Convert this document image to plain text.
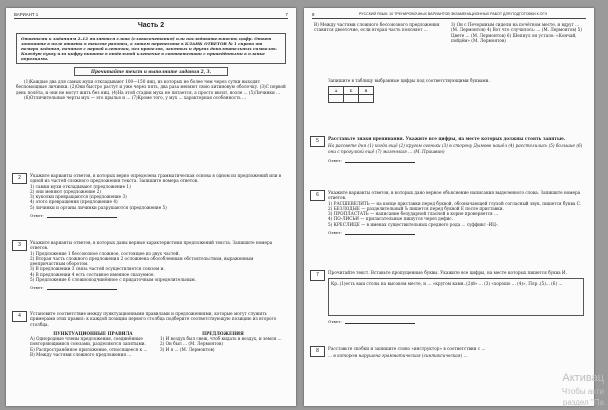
ВАРИАНТ 1	7
Часть 2
Ответами к заданиям 2–12 являются слова (словосочетания) или последовательность цифр. Ответ запишите в поле ответа в тексте работы, а затем перенесите в БЛАНК ОТВЕТОВ № 1 справа от номера задания, начиная с первой клеточки, без пробелов, запятых и других дополнительных символов. Каждую букву или цифру пишите в отдельной клеточке в соответствии с приведёнными в бланке образцами.
Прочитайте текст и выполните задания 2, 3.

(1)Каждые два для самых мухи откладывают 100—150 яиц, из которых не более чем через сутки выходят беспомощные личинки. (2)Они быстро растут и уже через пять, два раза меняют свою хитиновую оболочку. (3)С первой день полёта, и они не могут жить без яиц. (4)На этой стадии муха не питается, а просто висит, возле ... (5)Личинки ...

(6)Отличительные черты мух — это крылья и ... (7)Кроме того, у мух ... характерная особенность ...

2	Укажите варианты ответов, в которых верно определена грамматическая основа в одном из предложений или в одной из частей сложного предложения текста. Запишите номера ответов.

1) самки мухи откладывают (предложение 1)
2) они меняют (предложение 2)
3) куколки превращаются (предложение 3)
4) этого превращения (предложение 4)
5) личинки и органы личинки разрушаются (предложение 5)
Ответ:
3	Укажите варианты ответов, в которых даны верные характеристики предложений текста. Запишите номера ответов.

1) Предложение 1 бессоюзное сложное, состоящее из двух частей.
2) Вторая часть сложного предложения 2 осложнена обособленным обстоятельством, выраженным деепричастным оборотом.
3) В предложении 3 связь частей осуществляется союзом и.
4) В предложении 4 есть составное именное сказуемое.
5) Предложение 6 сложноподчинённое с придаточным определительным.
Ответ:
4	Установите соответствие между пунктуационными правилами и предложениями, которые могут служить примерами этих правил: к каждой позиции первого столбца подберите соответствующую позицию из второго столбца.

ПУНКТУАЦИОННЫЕ ПРАВИЛА
А) Однородные члены предложения, соединённые повторяющимися союзами, разделяются запятыми.
Б) Распространённое приложение, относящееся к ...
В) Между частями сложного предложения ...
ПРЕДЛОЖЕНИЯ
1) И воздух был свеж, чтоб кидать в воздух, и земля ...
2) Он был ... (М. Лермонтов)
3) И я ... (М. Лермонтов)
8	РУССКИЙ ЯЗЫК: 10 ТРЕНИРОВОЧНЫХ ВАРИАНТОВ ЭКЗАМЕНАЦИОННЫХ РАБОТ ДЛЯ ПОДГОТОВКИ К ОГЭ
В) Между частями сложного бессоюзного предложения ставится двоеточие, если вторая часть поясняет ...
3) Он с Печориным сидели на почётном месте, и вдруг ... (М. Лермонтов) 4) Вот что случилось: ... (М. Лермонтов) 5) Цвете ... (М. Лермонтов) 6) Шепнул он устало: «Кончай, пойдём» (М. Лермонтов)
Запишите в таблицу выбранные цифры под соответствующими буквами.
А	Б	В

5	Расставьте знаки препинания. Укажите все цифры, на месте которых должны стоять запятые.

На рассвете дня (1) когда ещё (2) кругом огоньки (3) в сторону Дымово нашёл (4) расстелились (5) большие (6) они с прогулкой ещё (7) маленькая ... (М. Пришвин)

Ответ:
6	Укажите варианты ответов, в которых дано верное объяснение написания выделенного слова. Запишите номера ответов.

1) РАСШЕВЕЛИТЬ — на конце приставки перед буквой, обозначающей глухой согласный звук, пишется буква С.
2) БЕЗЛОДЫЕ — разделительный Ъ пишется перед буквой Е после приставки.
3) ПРОПЛАСТАТЬ — написание безударной гласной в корне проверяется ...
4) ПО-ЛИСЬИ — прилагательные пишутся через дефис.
5) КРЕСЛИЦЕ — в именах существительных среднего рода ... суффикс -ИЦ-.
Ответ:
7	Прочитайте текст. Вставьте пропущенные буквы. Укажите все цифры, на месте которых пишется буква И.

Кр..(1)есть ваш столы на высоком месте, и ... «кругом камн..(2)й» ... (3) «хорошо ... (4)», Плр..(5)... (6) ...
Ответ:
8	Расставьте скобки и запишите слово «инструктор» в соответствии с ...

... в котором нарушена грамматическая (синтаксическая) ...

Активац
Чтобы акти
раздел "Па
